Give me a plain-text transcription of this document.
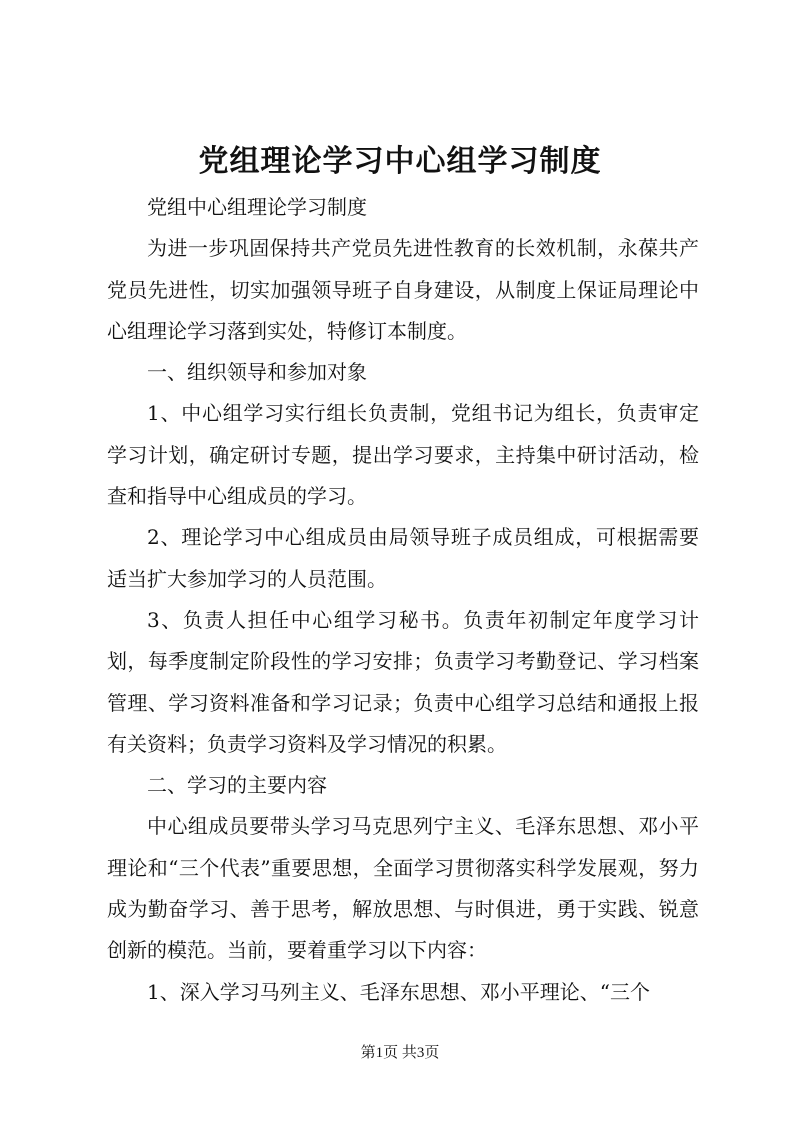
党组理论学习中心组学习制度

党组中心组理论学习制度

为进一步巩固保持共产党员先进性教育的长效机制，永葆共产党员先进性，切实加强领导班子自身建设，从制度上保证局理论中心组理论学习落到实处，特修订本制度。

一、组织领导和参加对象

1、中心组学习实行组长负责制，党组书记为组长，负责审定学习计划，确定研讨专题，提出学习要求，主持集中研讨活动，检查和指导中心组成员的学习。

2、理论学习中心组成员由局领导班子成员组成，可根据需要适当扩大参加学习的人员范围。

3、负责人担任中心组学习秘书。负责年初制定年度学习计划，每季度制定阶段性的学习安排；负责学习考勤登记、学习档案管理、学习资料准备和学习记录；负责中心组学习总结和通报上报有关资料；负责学习资料及学习情况的积累。

二、学习的主要内容

中心组成员要带头学习马克思列宁主义、毛泽东思想、邓小平理论和“三个代表”重要思想，全面学习贯彻落实科学发展观，努力成为勤奋学习、善于思考，解放思想、与时俱进，勇于实践、锐意创新的模范。当前，要着重学习以下内容：

1、深入学习马列主义、毛泽东思想、邓小平理论、“三个

第1页 共3页
